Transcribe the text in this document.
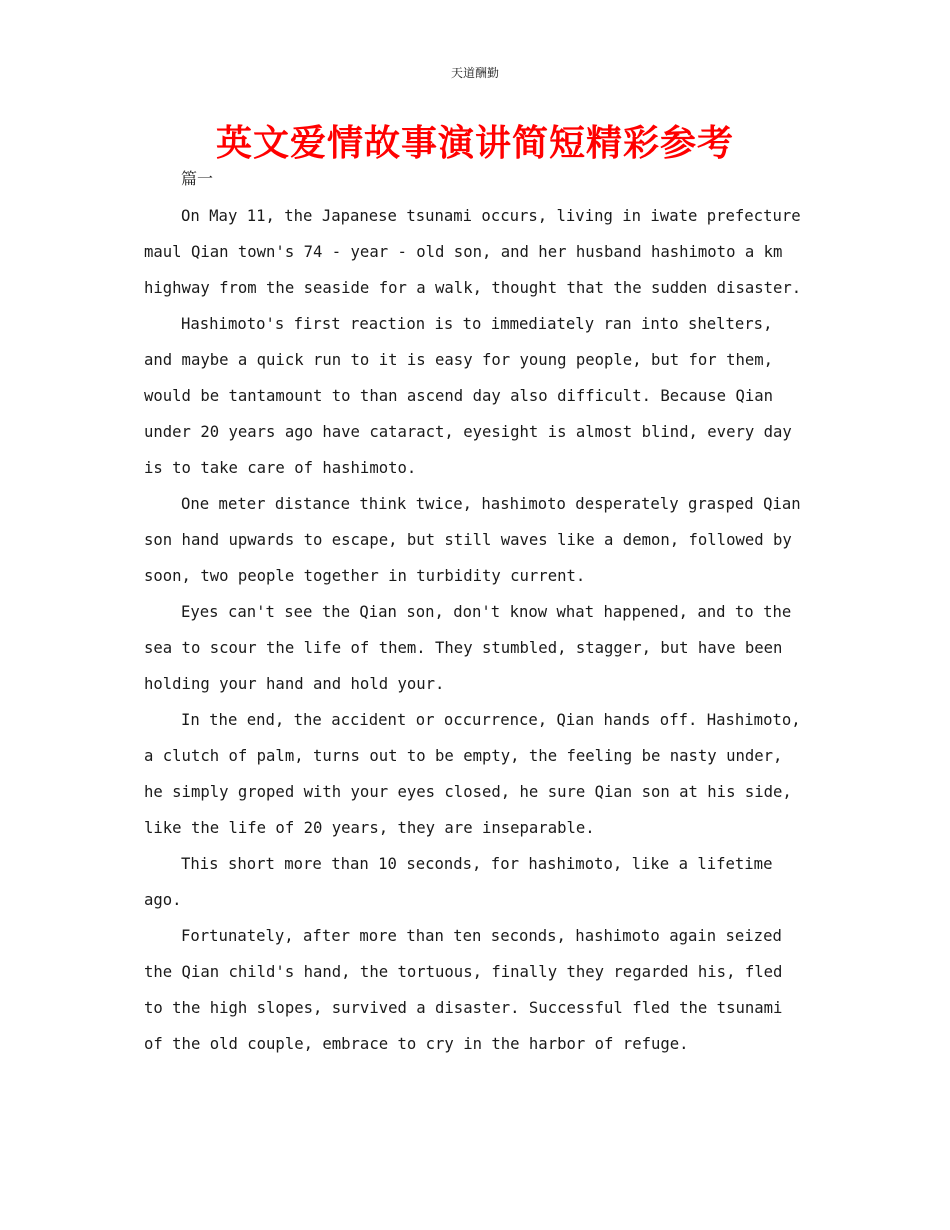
天道酬勤
英文爱情故事演讲简短精彩参考
篇一

On May 11, the Japanese tsunami occurs, living in iwate prefecture maul Qian town's 74 - year - old son, and her husband hashimoto a km highway from the seaside for a walk, thought that the sudden disaster.

Hashimoto's first reaction is to immediately ran into shelters, and maybe a quick run to it is easy for young people, but for them, would be tantamount to than ascend day also difficult. Because Qian under 20 years ago have cataract, eyesight is almost blind, every day is to take care of hashimoto.

One meter distance think twice, hashimoto desperately grasped Qian son hand upwards to escape, but still waves like a demon, followed by soon, two people together in turbidity current.

Eyes can't see the Qian son, don't know what happened, and to the sea to scour the life of them. They stumbled, stagger, but have been holding your hand and hold your.

In the end, the accident or occurrence, Qian hands off. Hashimoto, a clutch of palm, turns out to be empty, the feeling be nasty under, he simply groped with your eyes closed, he sure Qian son at his side, like the life of 20 years, they are inseparable.

This short more than 10 seconds, for hashimoto, like a lifetime ago.

Fortunately, after more than ten seconds, hashimoto again seized the Qian child's hand, the tortuous, finally they regarded his, fled to the high slopes, survived a disaster. Successful fled the tsunami of the old couple, embrace to cry in the harbor of refuge.
